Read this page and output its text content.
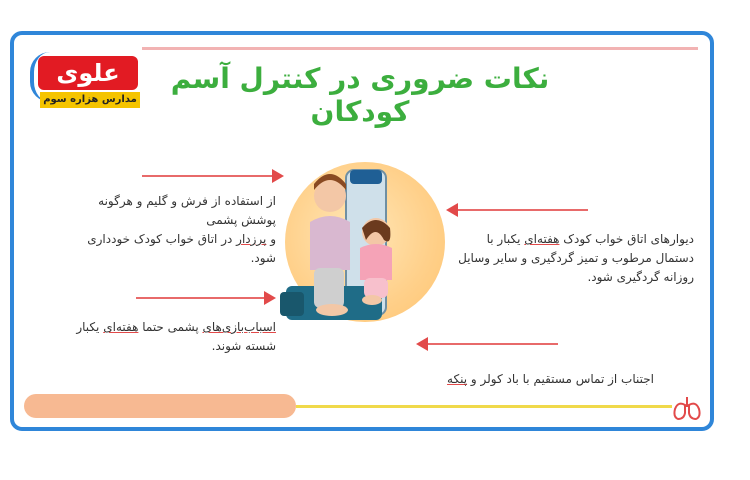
علوی
مدارس هزاره سوم
نکات ضروری در کنترل آسم کودکان
از استفاده از فرش و گلیم و هرگونه پوشش پشمی
و پرزدار در اتاق خواب کودک خودداری شود.
دیوارهای اتاق خواب کودک هفته‌ای یکبار با
دستمال مرطوب و تمیز گردگیری و سایر وسایل
روزانه گردگیری شود.
اسباب‌بازی‌های پشمی حتما هفته‌ای یکبار
شسته شوند.
اجتناب از تماس مستقیم با باد کولر و پنکه
